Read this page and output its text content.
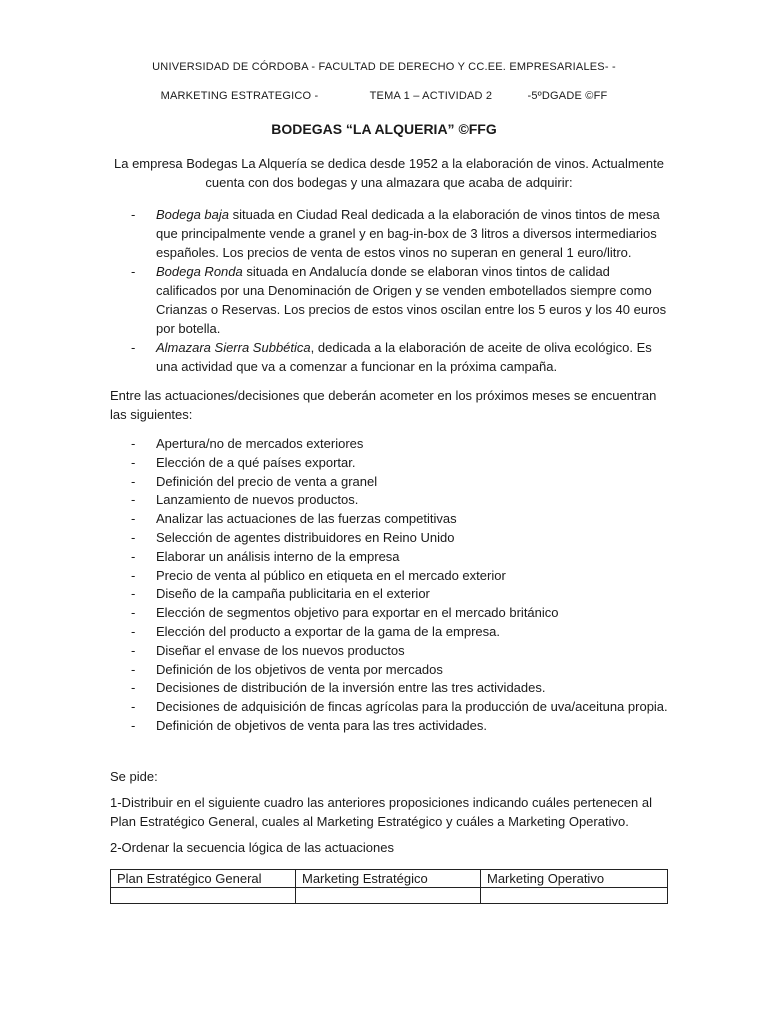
UNIVERSIDAD DE CÓRDOBA - FACULTAD DE DERECHO Y CC.EE. EMPRESARIALES- -
MARKETING ESTRATEGICO -	TEMA 1 – ACTIVIDAD 2	-5ºDGADE ©FF
BODEGAS “LA ALQUERIA” ©FFG
La empresa Bodegas La Alquería se dedica desde 1952 a la elaboración de vinos. Actualmente cuenta con dos bodegas y una almazara que acaba de adquirir:
- Bodega baja situada en Ciudad Real dedicada a la elaboración de vinos tintos de mesa que principalmente vende a granel y en bag-in-box de 3 litros a diversos intermediarios españoles. Los precios de venta de estos vinos no superan en general 1 euro/litro.
- Bodega Ronda situada en Andalucía donde se elaboran vinos tintos de calidad calificados por una Denominación de Origen y se venden embotellados siempre como Crianzas o Reservas. Los precios de estos vinos oscilan entre los 5 euros y los 40 euros por botella.
- Almazara Sierra Subbética, dedicada a la elaboración de aceite de oliva ecológico. Es una actividad que va a comenzar a funcionar en la próxima campaña.
Entre las actuaciones/decisiones que deberán acometer en los próximos meses se encuentran las siguientes:
- Apertura/no de mercados exteriores
- Elección de a qué países exportar.
- Definición del precio de venta a granel
- Lanzamiento de nuevos productos.
- Analizar las actuaciones de las fuerzas competitivas
- Selección de agentes distribuidores en Reino Unido
- Elaborar un análisis interno de la empresa
- Precio de venta al público en etiqueta en el mercado exterior
- Diseño de la campaña publicitaria en el exterior
- Elección de segmentos objetivo para exportar en el mercado británico
- Elección del producto a exportar de la gama de la empresa.
- Diseñar el envase de los nuevos productos
- Definición de los objetivos de venta por mercados
- Decisiones de distribución de la inversión entre las tres actividades.
- Decisiones de adquisición de fincas agrícolas para la producción de uva/aceituna propia.
- Definición de objetivos de venta para las tres actividades.
Se pide:
1-Distribuir en el siguiente cuadro las anteriores proposiciones indicando cuáles pertenecen al Plan Estratégico General, cuales al Marketing Estratégico y cuáles a Marketing Operativo.
2-Ordenar la secuencia lógica de las actuaciones
Plan Estratégico General	Marketing Estratégico	Marketing Operativo
